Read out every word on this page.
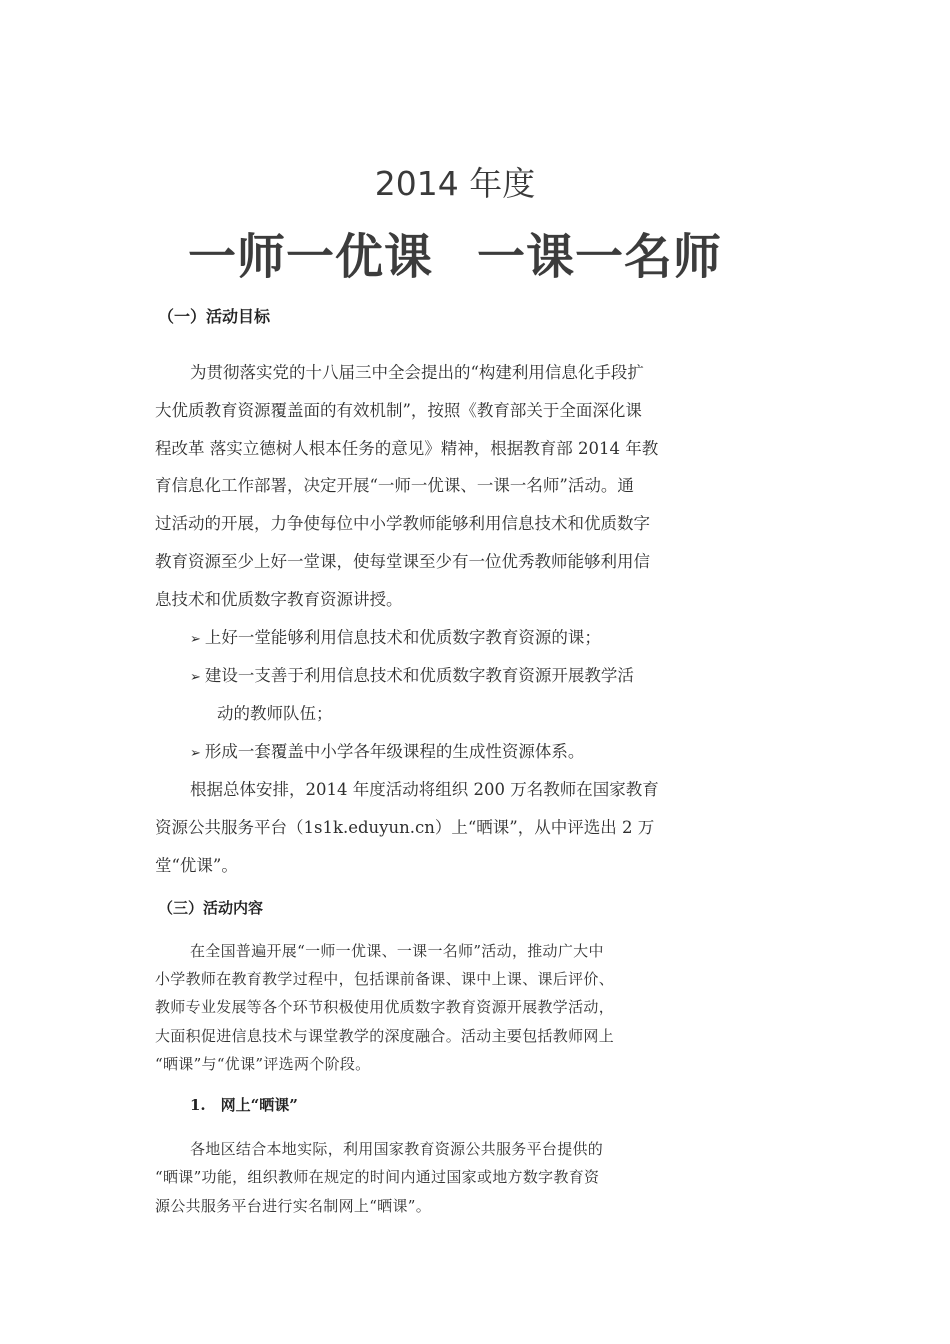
2014 年度
一师一优课 一课一名师
（一）活动目标
为贯彻落实党的十八届三中全会提出的“构建利用信息化手段扩
大优质教育资源覆盖面的有效机制”，按照《教育部关于全面深化课
程改革 落实立德树人根本任务的意见》精神，根据教育部 2014 年教
育信息化工作部署，决定开展“一师一优课、一课一名师”活动。通
过活动的开展，力争使每位中小学教师能够利用信息技术和优质数字
教育资源至少上好一堂课，使每堂课至少有一位优秀教师能够利用信
息技术和优质数字教育资源讲授。
➢ 上好一堂能够利用信息技术和优质数字教育资源的课；
➢ 建设一支善于利用信息技术和优质数字教育资源开展教学活
动的教师队伍；
➢ 形成一套覆盖中小学各年级课程的生成性资源体系。
根据总体安排，2014 年度活动将组织 200 万名教师在国家教育
资源公共服务平台（1s1k.eduyun.cn）上“晒课”，从中评选出 2 万
堂“优课”。
（三）活动内容
在全国普遍开展“一师一优课、一课一名师”活动，推动广大中
小学教师在教育教学过程中，包括课前备课、课中上课、课后评价、
教师专业发展等各个环节积极使用优质数字教育资源开展教学活动，
大面积促进信息技术与课堂教学的深度融合。活动主要包括教师网上
“晒课”与“优课”评选两个阶段。
1.　网上“晒课”
各地区结合本地实际，利用国家教育资源公共服务平台提供的
“晒课”功能，组织教师在规定的时间内通过国家或地方数字教育资
源公共服务平台进行实名制网上“晒课”。
